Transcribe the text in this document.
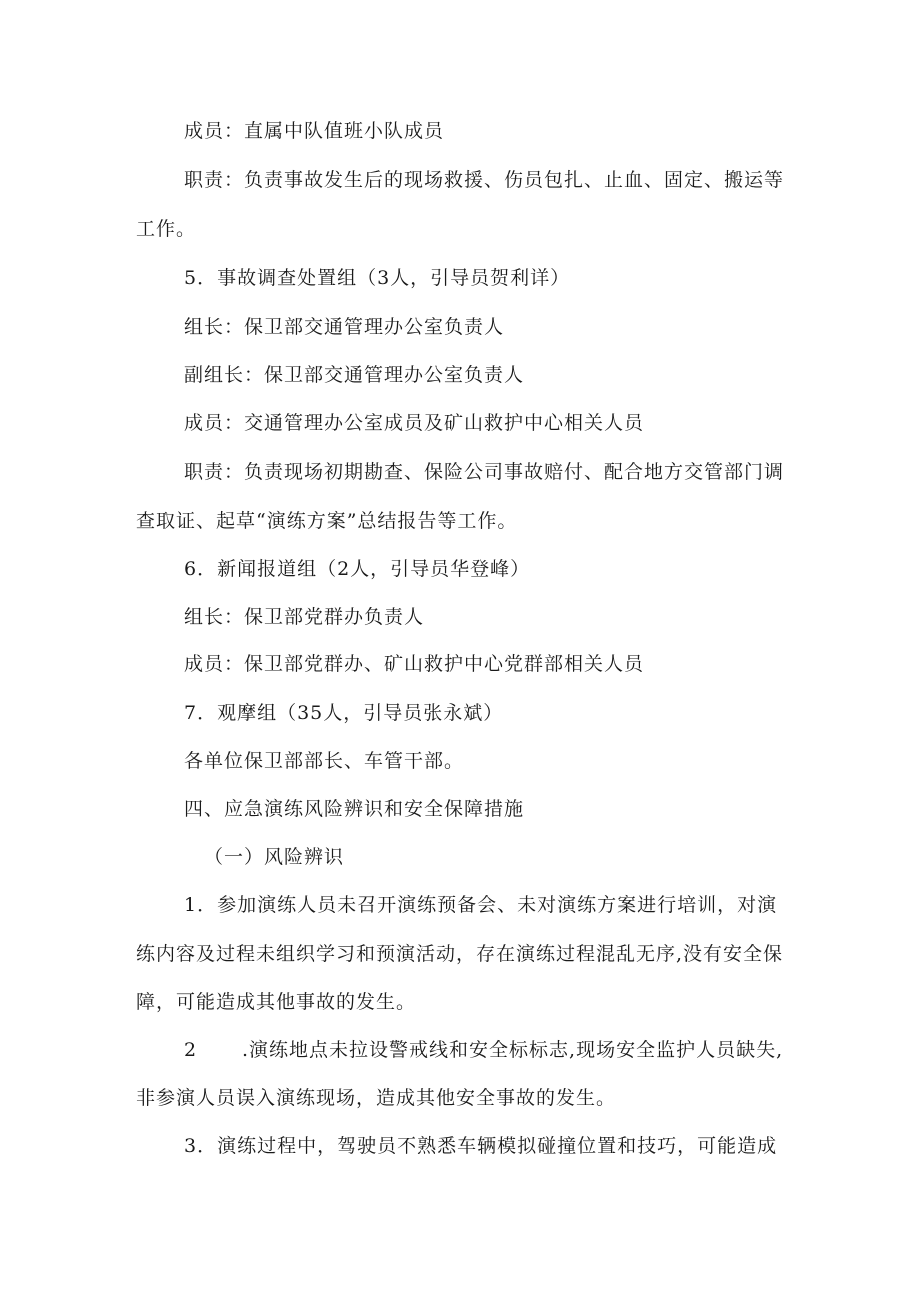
成员：直属中队值班小队成员
职责：负责事故发生后的现场救援、伤员包扎、止血、固定、搬运等
工作。
5．事故调查处置组（3人，引导员贺利详）
组长：保卫部交通管理办公室负责人
副组长：保卫部交通管理办公室负责人
成员：交通管理办公室成员及矿山救护中心相关人员
职责：负责现场初期勘查、保险公司事故赔付、配合地方交管部门调
查取证、起草“演练方案”总结报告等工作。
6．新闻报道组（2人，引导员华登峰）
组长：保卫部党群办负责人
成员：保卫部党群办、矿山救护中心党群部相关人员
7．观摩组（35人，引导员张永斌）
各单位保卫部部长、车管干部。
四、应急演练风险辨识和安全保障措施
（一）风险辨识
1．参加演练人员未召开演练预备会、未对演练方案进行培训，对演
练内容及过程未组织学习和预演活动，存在演练过程混乱无序,没有安全保
障，可能造成其他事故的发生。
2 .演练地点未拉设警戒线和安全标标志,现场安全监护人员缺失,
非参演人员误入演练现场，造成其他安全事故的发生。
3．演练过程中，驾驶员不熟悉车辆模拟碰撞位置和技巧，可能造成
